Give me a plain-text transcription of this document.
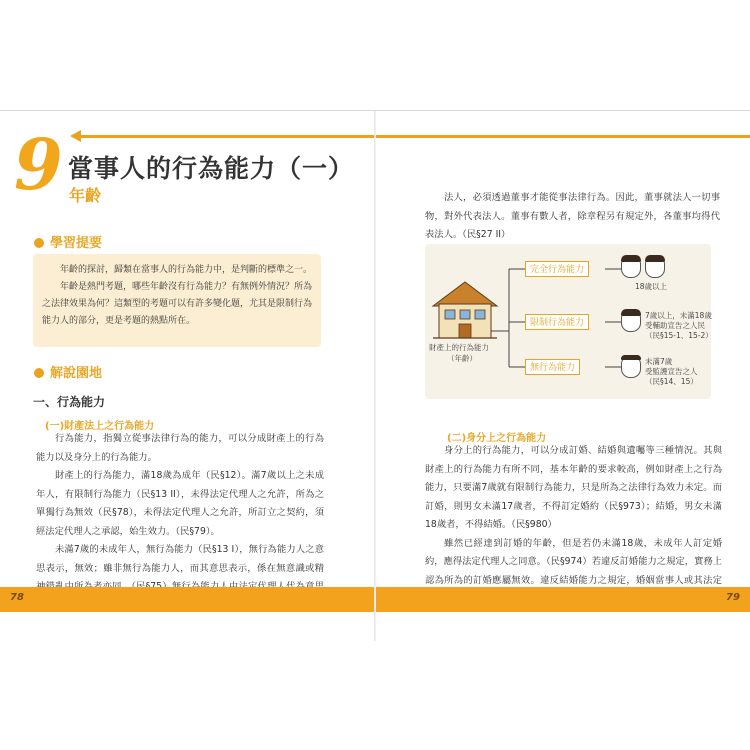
9 當事人的行為能力（一）
年齡
學習提要

年齡的探討，歸類在當事人的行為能力中，是判斷的標準之一。

年齡是熱門考題，哪些年齡沒有行為能力？有無例外情況？所為之法律效果為何？這類型的考題可以有許多變化題，尤其是限制行為能力人的部分，更是考題的熱點所在。

解說園地
一、行為能力
(一)財產法上之行為能力

行為能力，指獨立從事法律行為的能力，可以分成財產上的行為能力以及身分上的行為能力。

財產上的行為能力，滿18歲為成年（民§12）。滿7歲以上之未成年人，有限制行為能力（民§13 II），未得法定代理人之允許，所為之單獨行為無效（民§78），未得法定代理人之允許，所訂立之契約，須經法定代理人之承認，始生效力。（民§79）。

未滿7歲的未成年人，無行為能力（民§13 I），無行為能力人之意思表示，無效；雖非無行為能力人，而其意思表示，係在無意識或精

78

法人，必須透過董事才能從事法律行為。因此，董事就法人一切事物，對外代表法人。董事有數人者，除章程另有規定外，各董事均得代表法人。（民§27 II）

財產上的行為能力
（年齡）
完全行為能力
限制行為能力
無行為能力
18歲以上
7歲以上，未滿18歲
受輔助宣告之人民
（民§15-1、15-2）
未滿7歲
受監護宣告之人
（民§14、15）
(二)身分上之行為能力

身分上的行為能力，可以分成訂婚、結婚與遺囑等三種情況。其與財產上的行為能力有所不同，基本年齡的要求較高，例如財產上之行為能力，只要滿7歲就有限制行為能力，只是所為之法律行為效力未定。而訂婚，則男女未滿17歲者，不得訂定婚約（民§973）；結婚，男女未滿18歲者，不得結婚。（民§980）

雖然已經達到訂婚的年齡，但是若仍未滿18歲，未成年人訂定婚約，應得法定代理人之同意。（民§974）若違反訂婚能力之規定，實務上認為所為的訂婚應屬無效。違反結婚能力之規定，婚姻當事人或其法定

79
